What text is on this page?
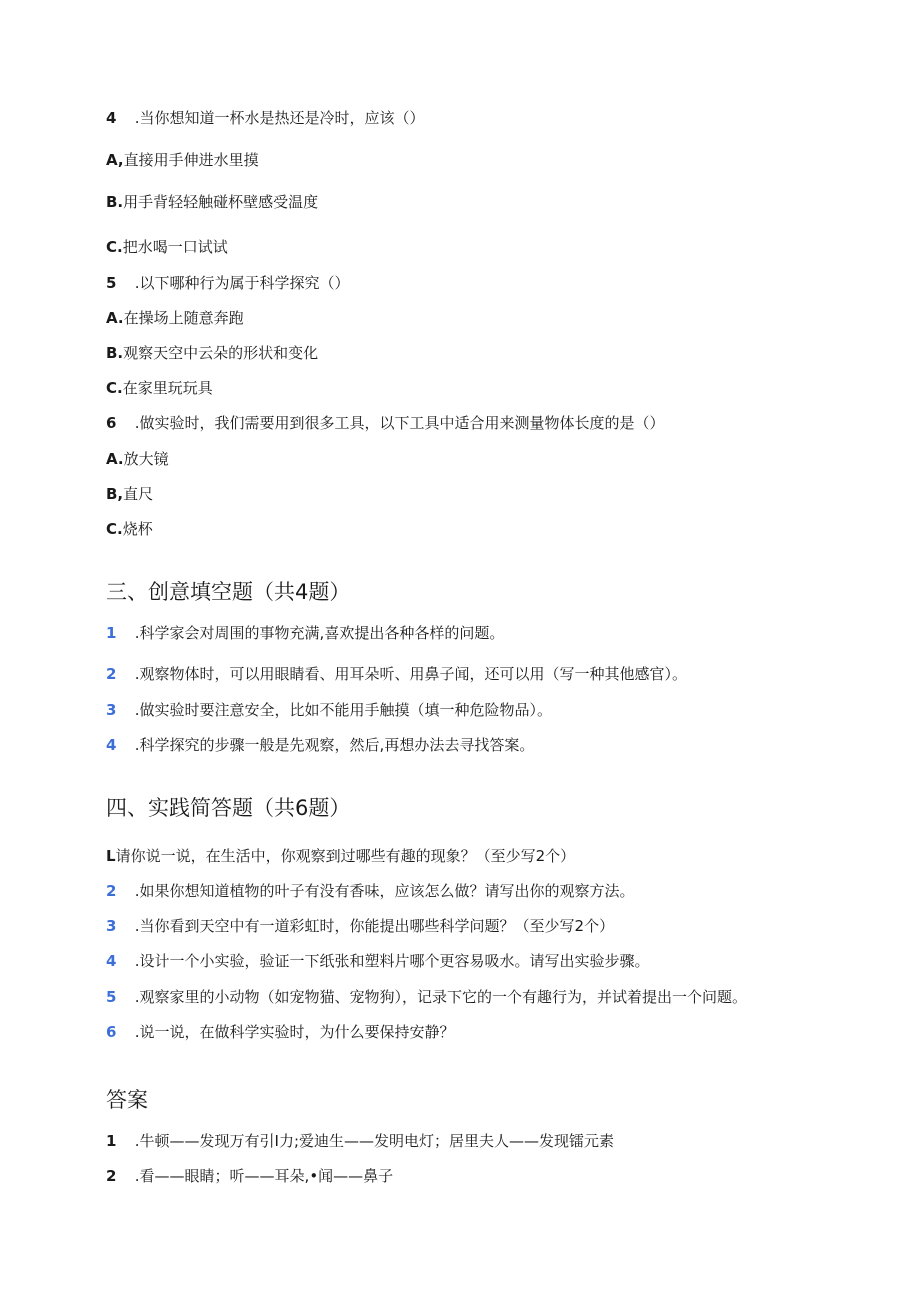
4 .当你想知道一杯水是热还是冷时，应该（）
A,直接用手伸进水里摸
B.用手背轻轻触碰杯壁感受温度
C.把水喝一口试试
5 .以下哪种行为属于科学探究（）
A.在操场上随意奔跑
B.观察天空中云朵的形状和变化
C.在家里玩玩具
6 .做实验时，我们需要用到很多工具，以下工具中适合用来测量物体长度的是（）
A.放大镜
B,直尺
C.烧杯
三、创意填空题（共4题）
1 .科学家会对周围的事物充满,喜欢提出各种各样的问题。
2 .观察物体时，可以用眼睛看、用耳朵听、用鼻子闻，还可以用（写一种其他感官）。
3 .做实验时要注意安全，比如不能用手触摸（填一种危险物品）。
4 .科学探究的步骤一般是先观察，然后,再想办法去寻找答案。
四、实践简答题（共6题）
L请你说一说，在生活中，你观察到过哪些有趣的现象？（至少写2个）
2 .如果你想知道植物的叶子有没有香味，应该怎么做？请写出你的观察方法。
3 .当你看到天空中有一道彩虹时，你能提出哪些科学问题？（至少写2个）
4 .设计一个小实验，验证一下纸张和塑料片哪个更容易吸水。请写出实验步骤。
5 .观察家里的小动物（如宠物猫、宠物狗），记录下它的一个有趣行为，并试着提出一个问题。
6 .说一说，在做科学实验时，为什么要保持安静？
答案
1 .牛顿——发现万有引I力;爱迪生——发明电灯；居里夫人——发现镭元素
2 .看——眼睛；听——耳朵,•闻——鼻子
